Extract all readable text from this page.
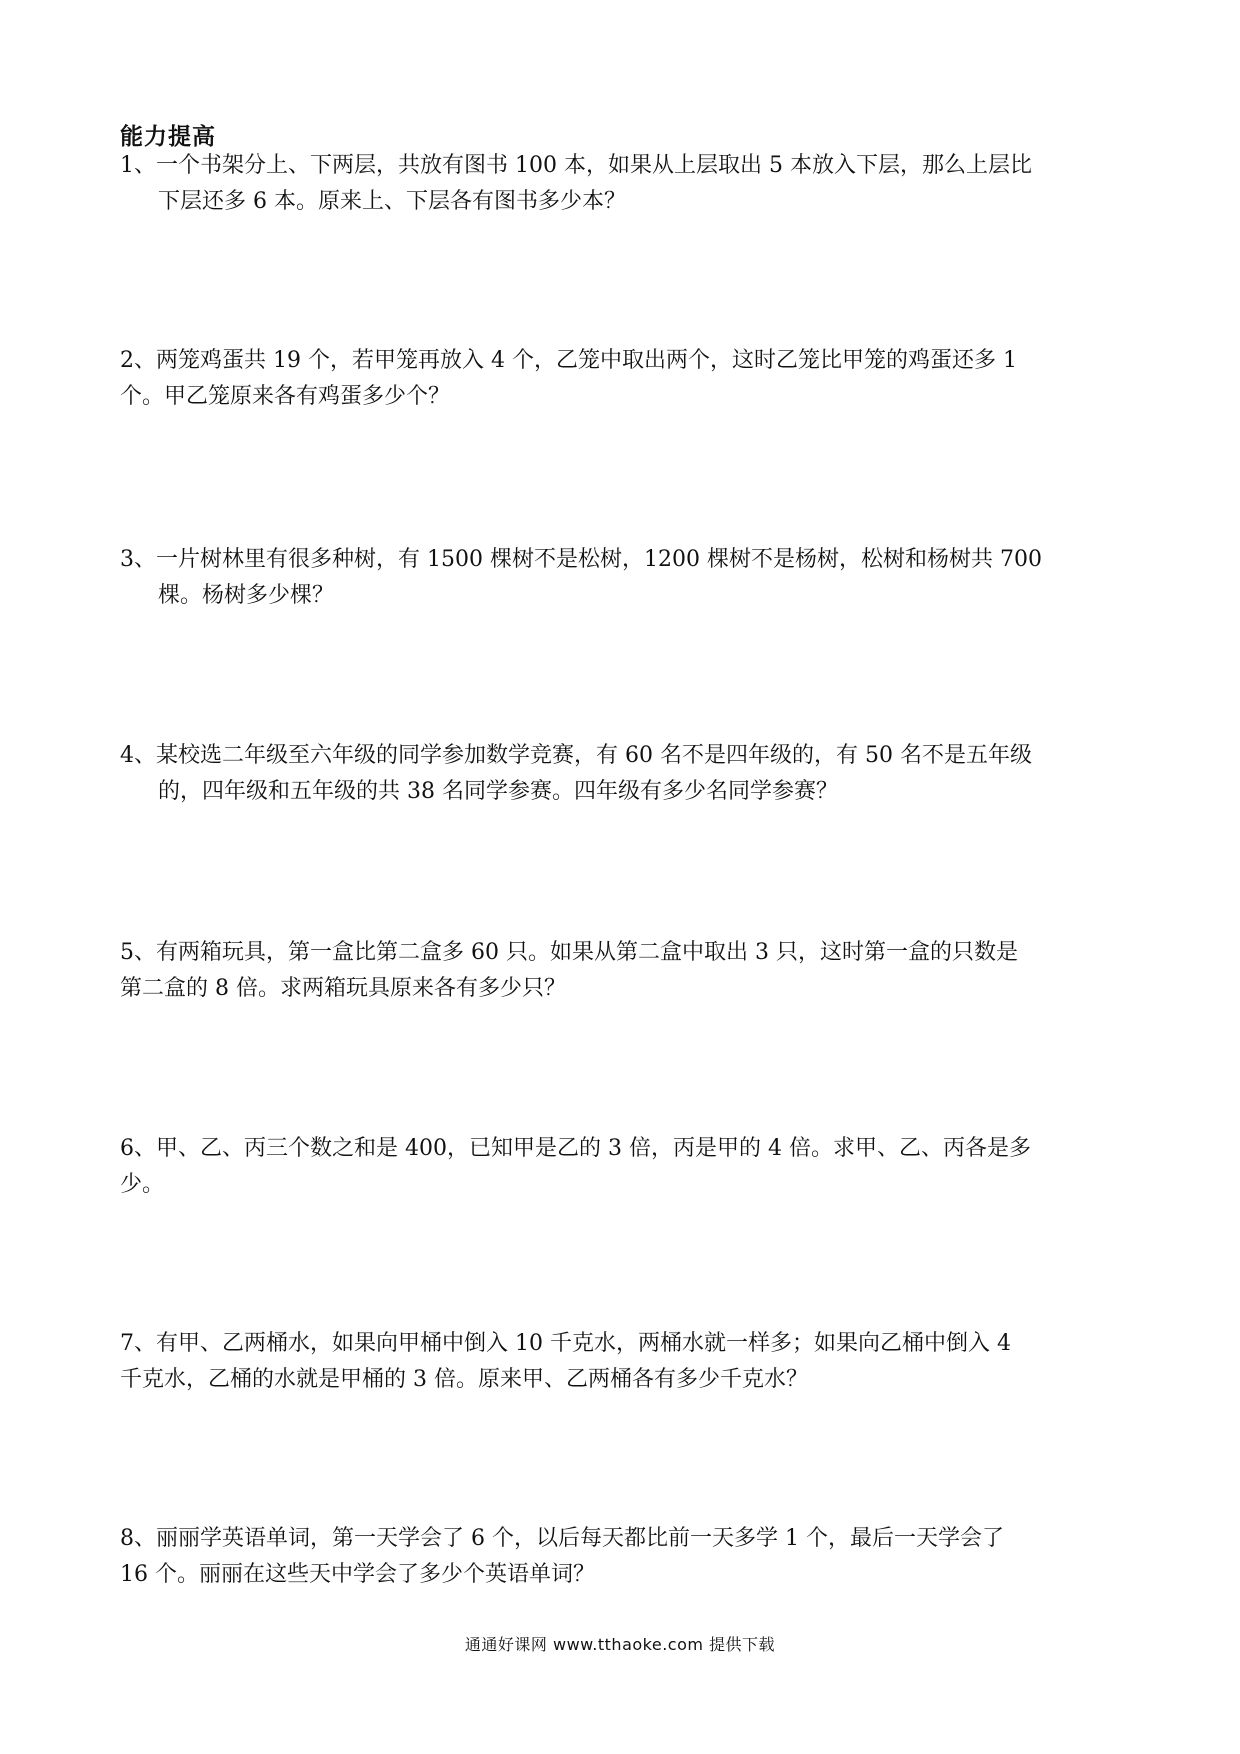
能力提高

1、一个书架分上、下两层，共放有图书 100 本，如果从上层取出 5 本放入下层，那么上层比
下层还多 6 本。原来上、下层各有图书多少本？

2、两笼鸡蛋共 19 个，若甲笼再放入 4 个，乙笼中取出两个，这时乙笼比甲笼的鸡蛋还多 1
个。甲乙笼原来各有鸡蛋多少个？

3、一片树林里有很多种树，有 1500 棵树不是松树，1200 棵树不是杨树，松树和杨树共 700
棵。杨树多少棵？

4、某校选二年级至六年级的同学参加数学竞赛，有 60 名不是四年级的，有 50 名不是五年级
的，四年级和五年级的共 38 名同学参赛。四年级有多少名同学参赛？

5、有两箱玩具，第一盒比第二盒多 60 只。如果从第二盒中取出 3 只，这时第一盒的只数是
第二盒的 8 倍。求两箱玩具原来各有多少只？

6、甲、乙、丙三个数之和是 400，已知甲是乙的 3 倍，丙是甲的 4 倍。求甲、乙、丙各是多
少。

7、有甲、乙两桶水，如果向甲桶中倒入 10 千克水，两桶水就一样多；如果向乙桶中倒入 4
千克水，乙桶的水就是甲桶的 3 倍。原来甲、乙两桶各有多少千克水？

8、丽丽学英语单词，第一天学会了 6 个，以后每天都比前一天多学 1 个，最后一天学会了
16 个。丽丽在这些天中学会了多少个英语单词？

通通好课网 www.tthaoke.com 提供下载
